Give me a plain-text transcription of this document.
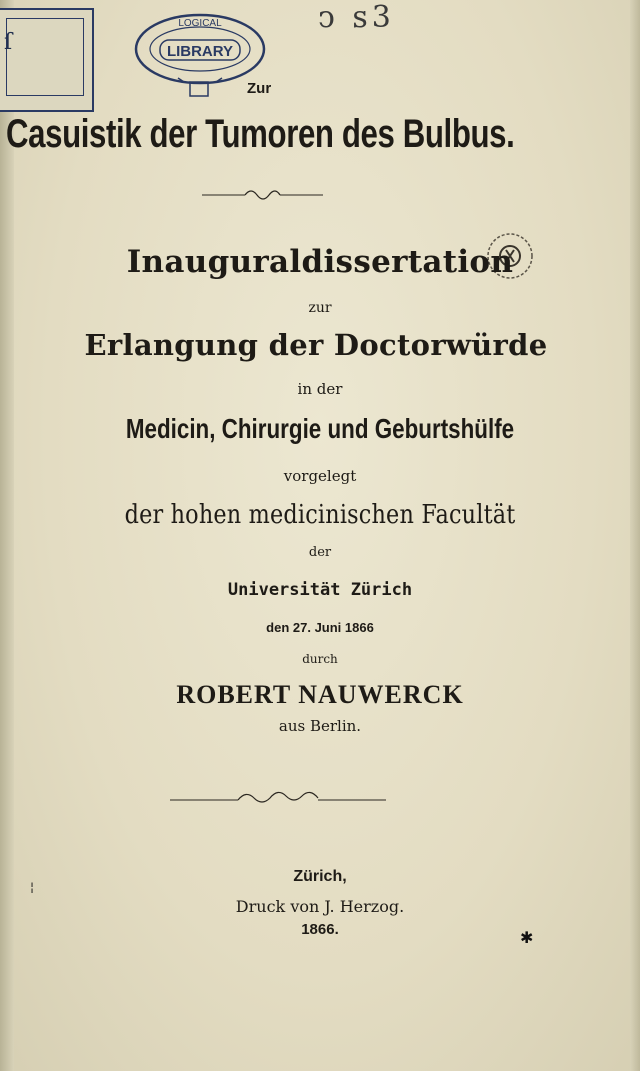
ſ	LIBRARY
LOGICAL	ↄ ꜱ3
Zur
Casuistik der Tumoren des Bulbus.
Inauguraldissertation
zur
Erlangung der Doctorwürde
in der
Medicin, Chirurgie und Geburtshülfe
vorgelegt
der hohen medicinischen Facultät
der
Universität Zürich
den 27. Juni 1866
durch
ROBERT NAUWERCK
aus Berlin.
Zürich,
Druck von J. Herzog.
1866.	✱
¦
